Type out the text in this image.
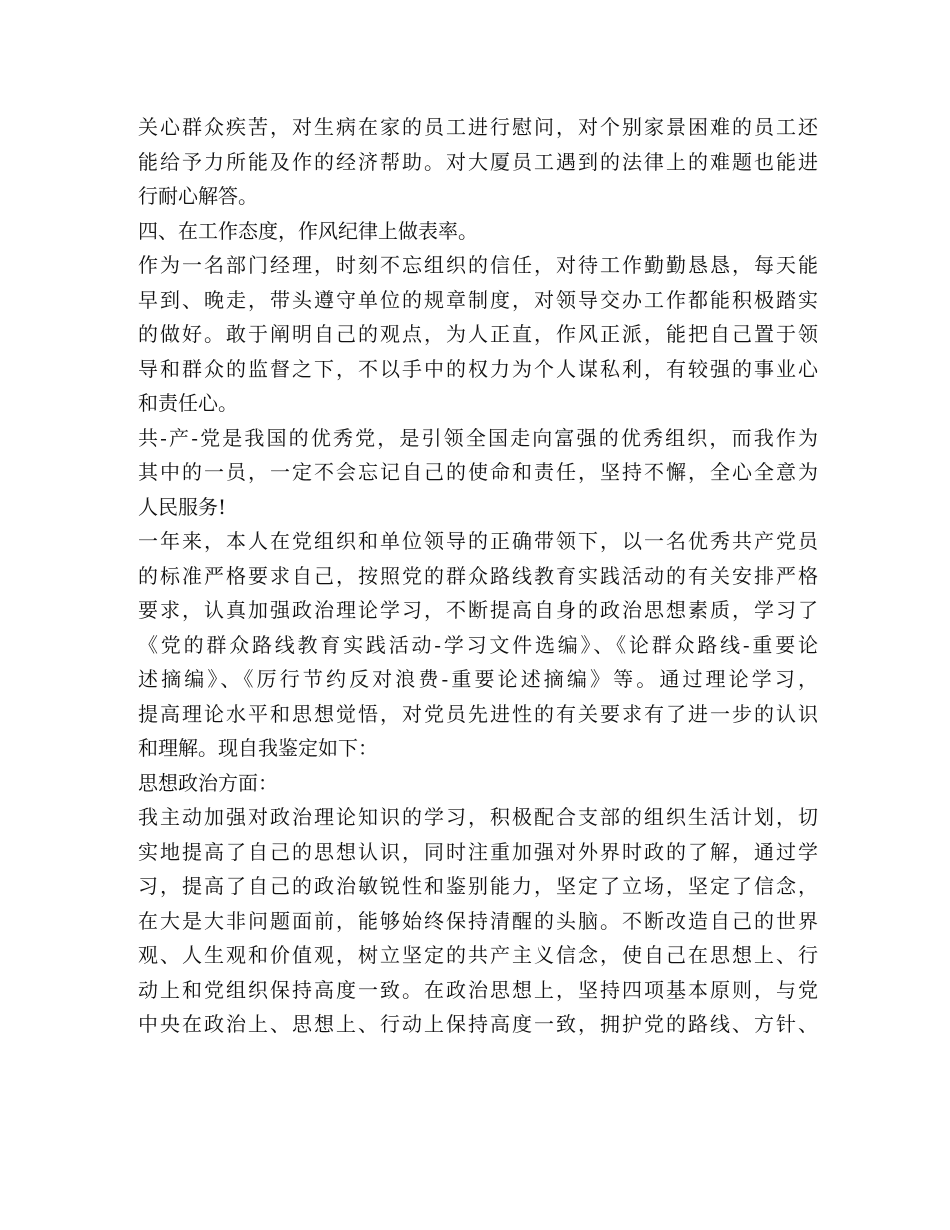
关心群众疾苦，对生病在家的员工进行慰问，对个别家景困难的员工还
能给予力所能及作的经济帮助。对大厦员工遇到的法律上的难题也能进
行耐心解答。
四、在工作态度，作风纪律上做表率。
作为一名部门经理，时刻不忘组织的信任，对待工作勤勤恳恳，每天能
早到、晚走，带头遵守单位的规章制度，对领导交办工作都能积极踏实
的做好。敢于阐明自己的观点，为人正直，作风正派，能把自己置于领
导和群众的监督之下，不以手中的权力为个人谋私利，有较强的事业心
和责任心。
共-产-党是我国的优秀党，是引领全国走向富强的优秀组织，而我作为
其中的一员，一定不会忘记自己的使命和责任，坚持不懈，全心全意为
人民服务!
一年来，本人在党组织和单位领导的正确带领下，以一名优秀共产党员
的标准严格要求自己，按照党的群众路线教育实践活动的有关安排严格
要求，认真加强政治理论学习，不断提高自身的政治思想素质，学习了
《党的群众路线教育实践活动-学习文件选编》、《论群众路线-重要论
述摘编》、《厉行节约反对浪费-重要论述摘编》等。通过理论学习，
提高理论水平和思想觉悟，对党员先进性的有关要求有了进一步的认识
和理解。现自我鉴定如下：
思想政治方面：
我主动加强对政治理论知识的学习，积极配合支部的组织生活计划，切
实地提高了自己的思想认识，同时注重加强对外界时政的了解，通过学
习，提高了自己的政治敏锐性和鉴别能力，坚定了立场，坚定了信念，
在大是大非问题面前，能够始终保持清醒的头脑。不断改造自己的世界
观、人生观和价值观，树立坚定的共产主义信念，使自己在思想上、行
动上和党组织保持高度一致。在政治思想上，坚持四项基本原则，与党
中央在政治上、思想上、行动上保持高度一致，拥护党的路线、方针、
